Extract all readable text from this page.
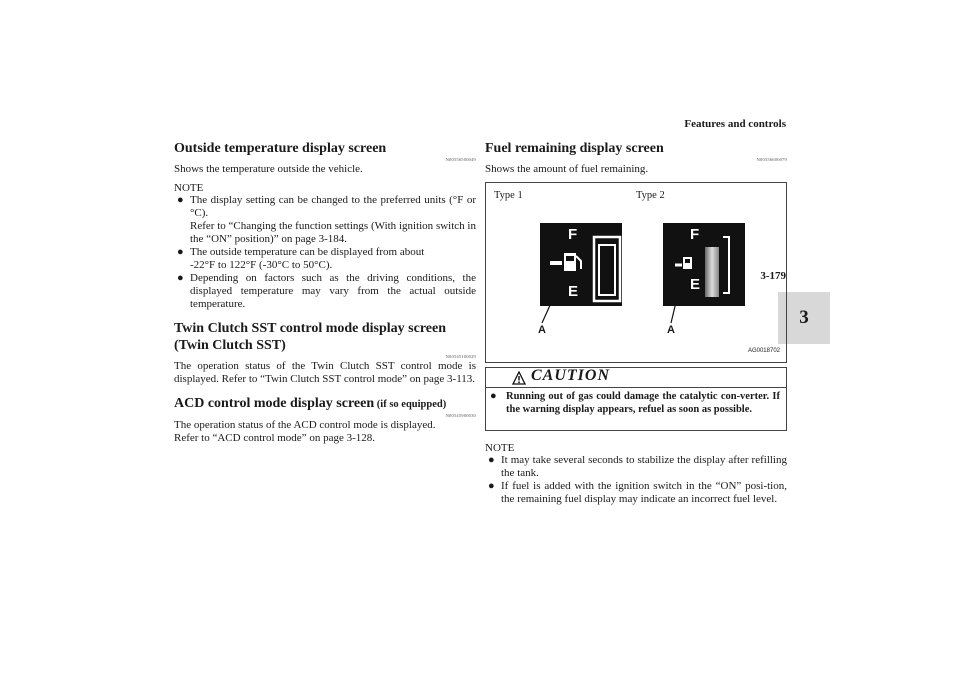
Features and controls
3-179
3
Outside temperature display screen
N00556500049
Shows the temperature outside the vehicle.
NOTE
● The display setting can be changed to the preferred units (°F or °C).
Refer to “Changing the function settings (With ignition switch in the “ON” position)” on page 3-184.
● The outside temperature can be displayed from about
-22°F to 122°F (-30°C to 50°C).
● Depending on factors such as the driving conditions, the displayed temperature may vary from the actual outside temperature.
Twin Clutch SST control mode display screen
(Twin Clutch SST)
N00545100029
The operation status of the Twin Clutch SST control mode is displayed. Refer to “Twin Clutch SST control mode” on page 3-113.
ACD control mode display screen (if so equipped)
N00545900030
The operation status of the ACD control mode is displayed.
Refer to “ACD control mode” on page 3-128.
Fuel remaining display screen
N00556600079
Shows the amount of fuel remaining.
Type 1	Type 2
F
E
F
E
A	A
AG0018702
CAUTION
● Running out of gas could damage the catalytic con-verter. If the warning display appears, refuel as soon as possible.
NOTE
● It may take several seconds to stabilize the display after refilling the tank.
● If fuel is added with the ignition switch in the “ON” posi-tion, the remaining fuel display may indicate an incorrect fuel level.
